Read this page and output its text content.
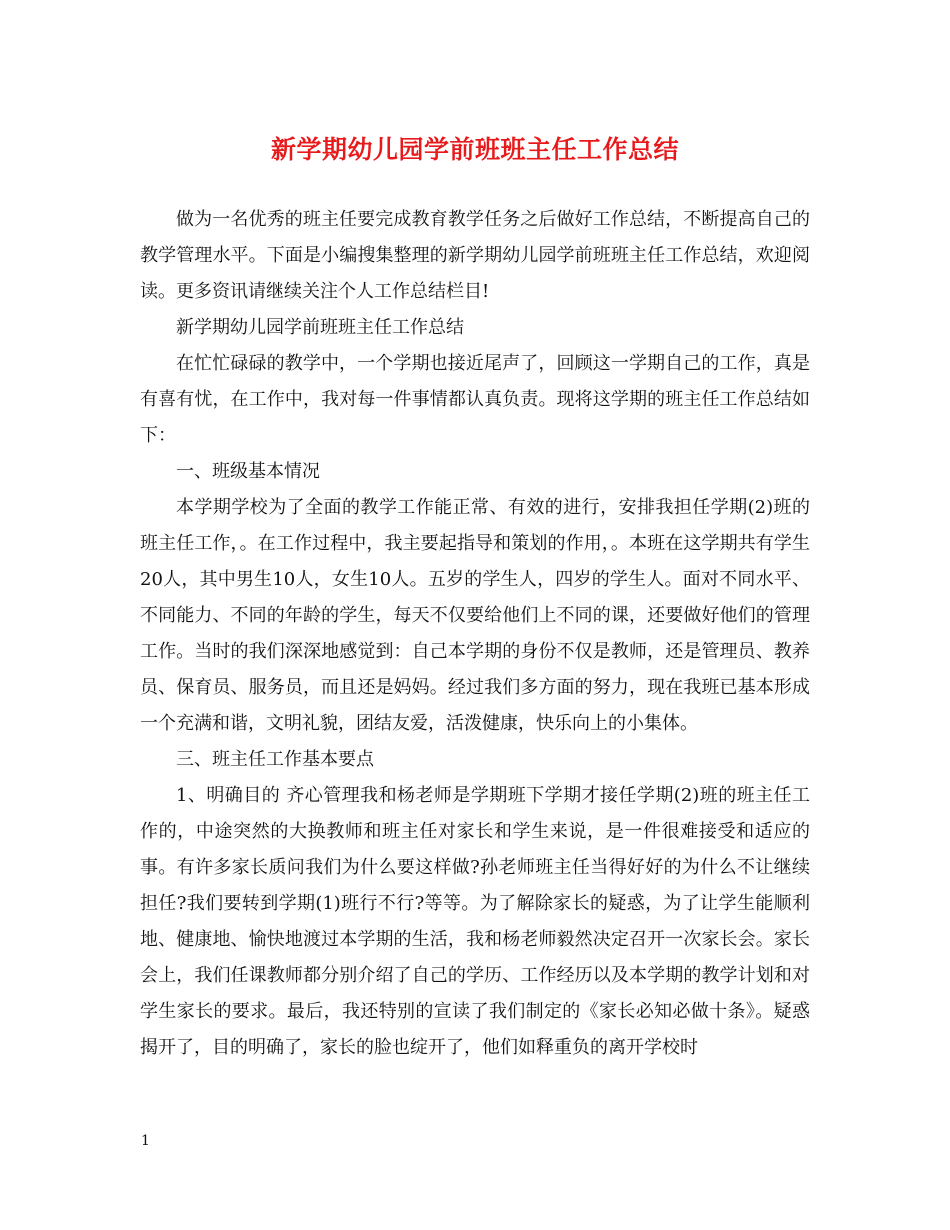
新学期幼儿园学前班班主任工作总结

做为一名优秀的班主任要完成教育教学任务之后做好工作总结，不断提高自己的教学管理水平。下面是小编搜集整理的新学期幼儿园学前班班主任工作总结，欢迎阅读。更多资讯请继续关注个人工作总结栏目!

新学期幼儿园学前班班主任工作总结

在忙忙碌碌的教学中，一个学期也接近尾声了，回顾这一学期自己的工作，真是有喜有忧，在工作中，我对每一件事情都认真负责。现将这学期的班主任工作总结如下：

一、班级基本情况

本学期学校为了全面的教学工作能正常、有效的进行，安排我担任学期(2)班的班主任工作，。在工作过程中，我主要起指导和策划的作用，。本班在这学期共有学生20人，其中男生10人，女生10人。五岁的学生人，四岁的学生人。面对不同水平、不同能力、不同的年龄的学生，每天不仅要给他们上不同的课，还要做好他们的管理工作。当时的我们深深地感觉到：自己本学期的身份不仅是教师，还是管理员、教养员、保育员、服务员，而且还是妈妈。经过我们多方面的努力，现在我班已基本形成一个充满和谐，文明礼貌，团结友爱，活泼健康，快乐向上的小集体。

三、班主任工作基本要点

1、明确目的 齐心管理我和杨老师是学期班下学期才接任学期(2)班的班主任工作的，中途突然的大换教师和班主任对家长和学生来说，是一件很难接受和适应的事。有许多家长质问我们为什么要这样做?孙老师班主任当得好好的为什么不让继续担任?我们要转到学期(1)班行不行?等等。为了解除家长的疑惑，为了让学生能顺利地、健康地、愉快地渡过本学期的生活，我和杨老师毅然决定召开一次家长会。家长会上，我们任课教师都分别介绍了自己的学历、工作经历以及本学期的教学计划和对学生家长的要求。最后，我还特别的宣读了我们制定的《家长必知必做十条》。疑惑揭开了，目的明确了，家长的脸也绽开了，他们如释重负的离开学校时

1
